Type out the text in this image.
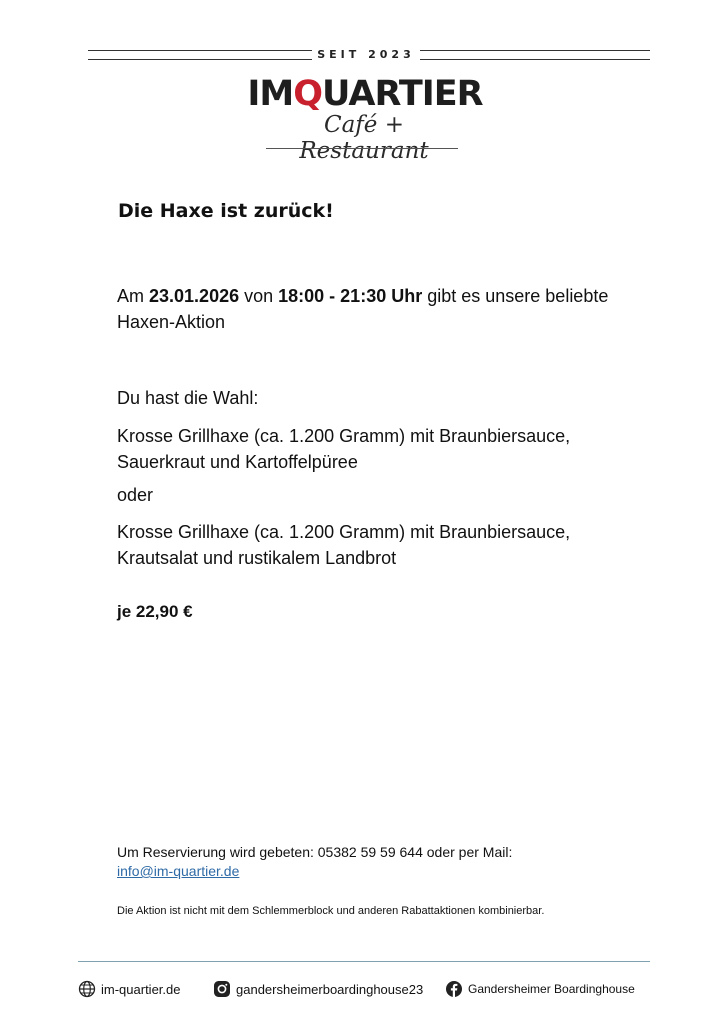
SEIT 2023
IMQUARTIER
Café + Restaurant
Die Haxe ist zurück!
Am 23.01.2026 von 18:00 - 21:30 Uhr gibt es unsere beliebte Haxen-Aktion
Du hast die Wahl:
Krosse Grillhaxe (ca. 1.200 Gramm) mit Braunbiersauce, Sauerkraut und Kartoffelpüree
oder
Krosse Grillhaxe (ca. 1.200 Gramm) mit Braunbiersauce, Krautsalat und rustikalem Landbrot
je 22,90 €
Um Reservierung wird gebeten: 05382 59 59 644 oder per Mail:
info@im-quartier.de
Die Aktion ist nicht mit dem Schlemmerblock und anderen Rabattaktionen kombinierbar.
im-quartier.de	gandersheimerboardinghouse23	Gandersheimer Boardinghouse
